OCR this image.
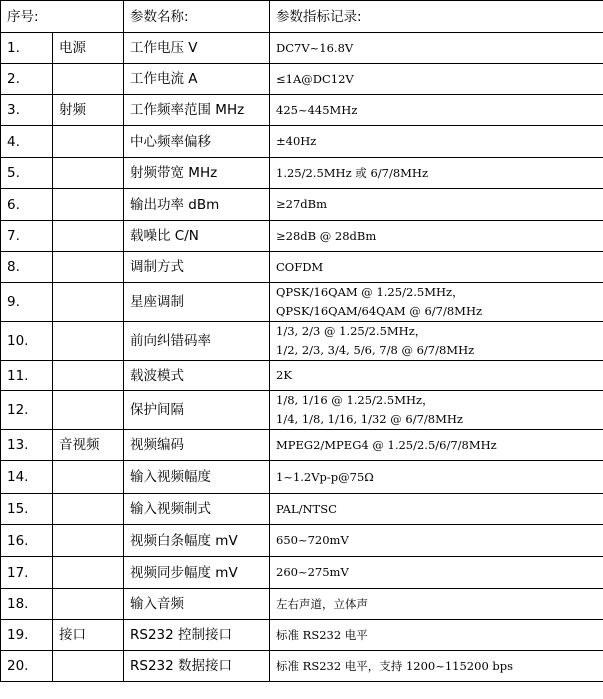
序号:		参数名称:	参数指标记录:
1.	电源	工作电压 V	DC7V~16.8V

2.		工作电流 A	≤1A@DC12V

3.	射频	工作频率范围 MHz	425~445MHz

4.		中心频率偏移	±40Hz

5.		射频带宽 MHz	1.25/2.5MHz 或 6/7/8MHz

6.		输出功率 dBm	≥27dBm

7.		载噪比 C/N	≥28dB @ 28dBm

8.		调制方式	COFDM

9.		星座调制	QPSK/16QAM @ 1.25/2.5MHz，
QPSK/16QAM/64QAM @ 6/7/8MHz

10.		前向纠错码率	1/3, 2/3 @ 1.25/2.5MHz，
1/2, 2/3, 3/4, 5/6, 7/8 @ 6/7/8MHz

11.		载波模式	2K

12.		保护间隔	1/8, 1/16 @ 1.25/2.5MHz，
1/4, 1/8, 1/16, 1/32 @ 6/7/8MHz

13.	音视频	视频编码	MPEG2/MPEG4 @ 1.25/2.5/6/7/8MHz

14.		输入视频幅度	1~1.2Vp-p@75Ω

15.		输入视频制式	PAL/NTSC

16.		视频白条幅度 mV	650~720mV

17.		视频同步幅度 mV	260~275mV

18.		输入音频	左右声道，立体声

19.	接口	RS232 控制接口	标准 RS232 电平

20.		RS232 数据接口	标准 RS232 电平，支持 1200~115200 bps
